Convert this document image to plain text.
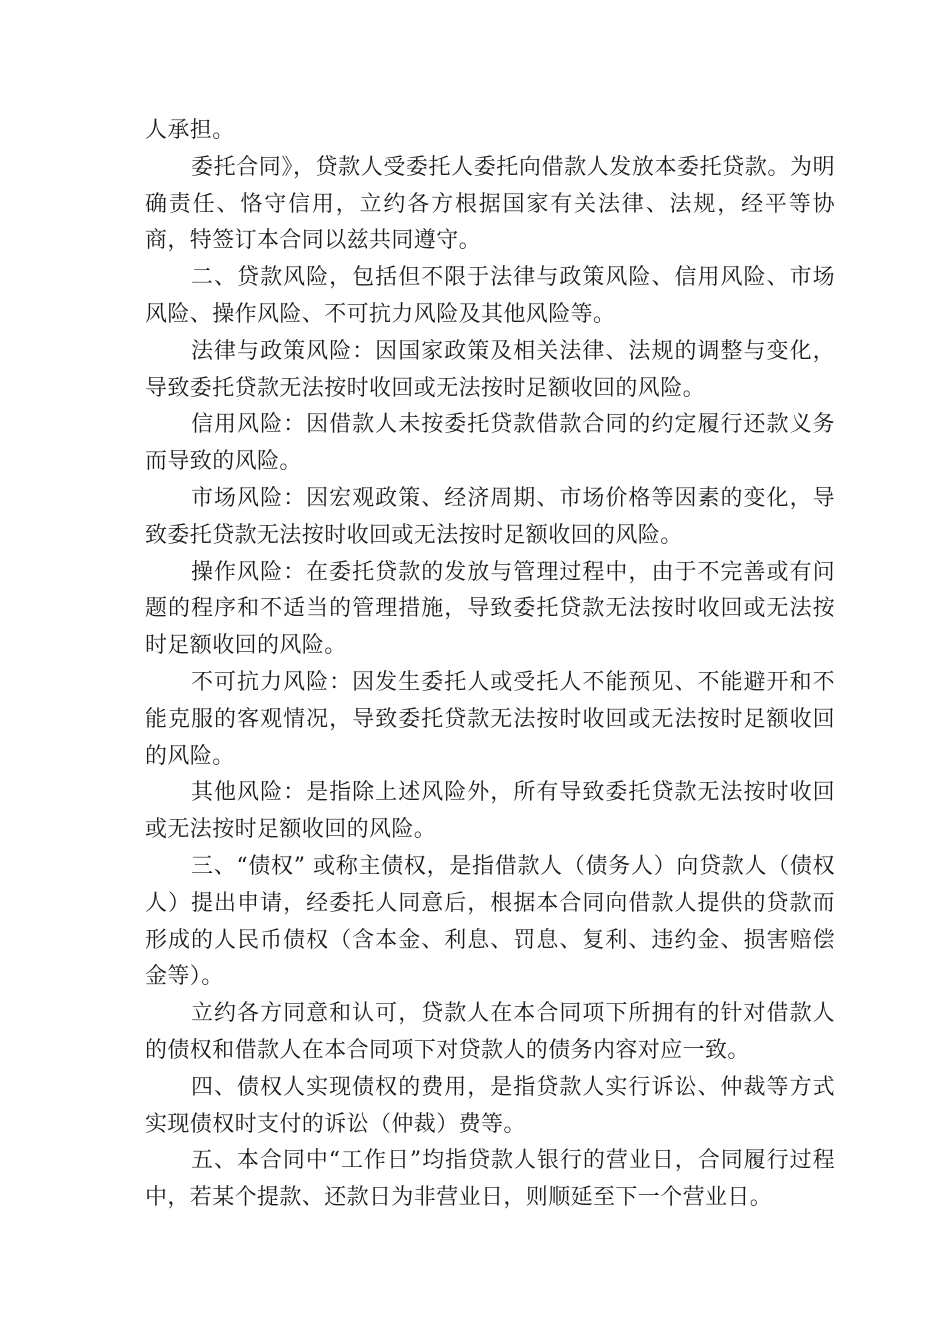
人承担。

委托合同》，贷款人受委托人委托向借款人发放本委托贷款。为明确责任、恪守信用，立约各方根据国家有关法律、法规，经平等协商，特签订本合同以兹共同遵守。

二、贷款风险，包括但不限于法律与政策风险、信用风险、市场风险、操作风险、不可抗力风险及其他风险等。

法律与政策风险：因国家政策及相关法律、法规的调整与变化，导致委托贷款无法按时收回或无法按时足额收回的风险。

信用风险：因借款人未按委托贷款借款合同的约定履行还款义务而导致的风险。

市场风险：因宏观政策、经济周期、市场价格等因素的变化，导致委托贷款无法按时收回或无法按时足额收回的风险。

操作风险：在委托贷款的发放与管理过程中，由于不完善或有问题的程序和不适当的管理措施，导致委托贷款无法按时收回或无法按时足额收回的风险。

不可抗力风险：因发生委托人或受托人不能预见、不能避开和不能克服的客观情况，导致委托贷款无法按时收回或无法按时足额收回的风险。

其他风险：是指除上述风险外，所有导致委托贷款无法按时收回或无法按时足额收回的风险。

三、“债权” 或称主债权，是指借款人（债务人）向贷款人（债权人）提出申请，经委托人同意后，根据本合同向借款人提供的贷款而形成的人民币债权（含本金、利息、罚息、复利、违约金、损害赔偿金等）。

立约各方同意和认可，贷款人在本合同项下所拥有的针对借款人的债权和借款人在本合同项下对贷款人的债务内容对应一致。

四、债权人实现债权的费用，是指贷款人实行诉讼、仲裁等方式实现债权时支付的诉讼（仲裁）费等。

五、本合同中“工作日”均指贷款人银行的营业日，合同履行过程中，若某个提款、还款日为非营业日，则顺延至下一个营业日。
